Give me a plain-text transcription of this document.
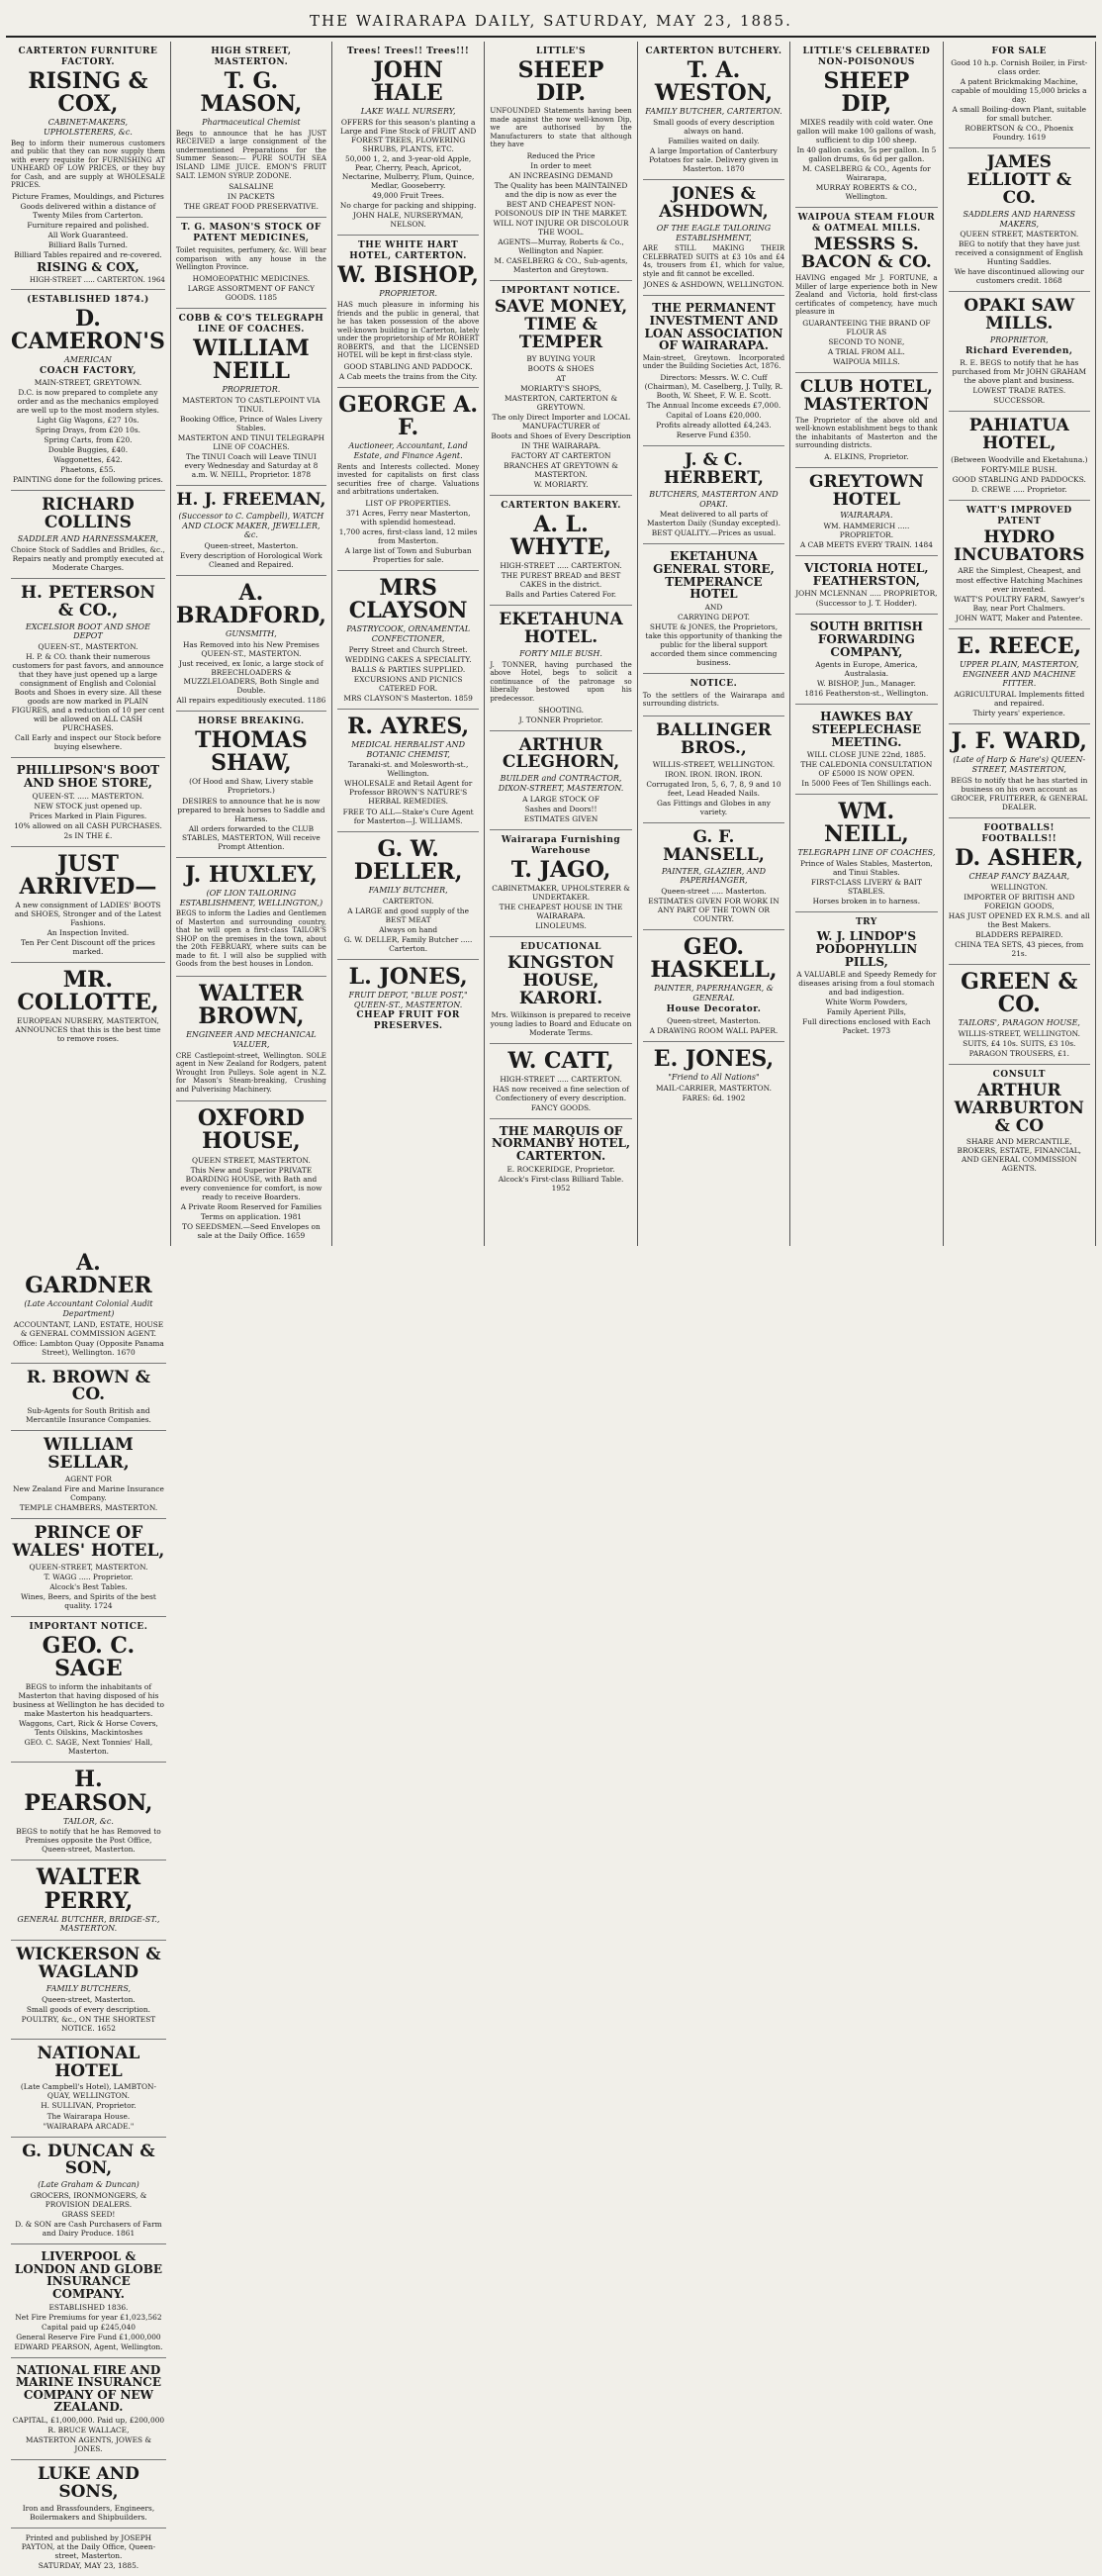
THE WAIRARAPA DAILY, SATURDAY, MAY 23, 1885.
CARTERTON FURNITURE FACTORY.
RISING & COX,
CABINET-MAKERS, UPHOLSTERERS, &c.
Beg to inform their numerous customers and public that they can now supply them with every requisite for FURNISHING AT UNHEARD OF LOW PRICES, or they buy for Cash, and are supply at WHOLESALE PRICES.
Picture Frames, Mouldings, and Pictures
Goods delivered within a distance of Twenty Miles from Carterton.
Furniture repaired and polished.
All Work Guaranteed.
Billiard Balls Turned.
Billiard Tables repaired and re-covered.
RISING & COX,
HIGH-STREET ..... CARTERTON. 1964
(ESTABLISHED 1874.)
D. CAMERON'S
AMERICAN
COACH FACTORY,
MAIN-STREET, GREYTOWN.
D.C. is now prepared to complete any order and as the mechanics employed are well up to the most modern styles.
Light Gig Wagons, £27 10s.
Spring Drays, from £20 10s.
Spring Carts, from £20.
Double Buggies, £40.
Waggonettes, £42.
Phaetons, £55.
PAINTING done for the following prices.
RICHARD COLLINS
SADDLER AND HARNESSMAKER,
Choice Stock of Saddles and Bridles, &c., Repairs neatly and promptly executed at Moderate Charges.
H. PETERSON & CO.,
EXCELSIOR BOOT AND SHOE DEPOT
QUEEN-ST., MASTERTON.
H. P. & CO. thank their numerous customers for past favors, and announce that they have just opened up a large consignment of English and Colonial Boots and Shoes in every size. All these goods are now marked in PLAIN FIGURES, and a reduction of 10 per cent will be allowed on ALL CASH PURCHASES.
Call Early and inspect our Stock before buying elsewhere.
PHILLIPSON'S BOOT AND SHOE STORE,
QUEEN-ST. ..... MASTERTON.
NEW STOCK just opened up.
Prices Marked in Plain Figures.
10% allowed on all CASH PURCHASES.
2s IN THE £.
JUST ARRIVED—
A new consignment of LADIES' BOOTS and SHOES, Stronger and of the Latest Fashions.
An Inspection Invited.
Ten Per Cent Discount off the prices marked.
MR. COLLOTTE,
EUROPEAN NURSERY, MASTERTON, ANNOUNCES that this is the best time to remove roses.
HIGH STREET, MASTERTON.
T. G. MASON,
Pharmaceutical Chemist
Begs to announce that he has JUST RECEIVED a large consignment of the undermentioned Preparations for the Summer Season:— PURE SOUTH SEA ISLAND LIME JUICE. EMON'S FRUIT SALT. LEMON SYRUP. ZODONE.
SALSALINE
IN PACKETS
THE GREAT FOOD PRESERVATIVE.
T. G. MASON'S STOCK OF PATENT MEDICINES,
Toilet requisites, perfumery, &c. Will bear comparison with any house in the Wellington Province.
HOMOEOPATHIC MEDICINES.
LARGE ASSORTMENT OF FANCY GOODS. 1185
COBB & CO'S TELEGRAPH LINE OF COACHES.
WILLIAM NEILL
PROPRIETOR.
MASTERTON TO CASTLEPOINT VIA TINUI.
Booking Office, Prince of Wales Livery Stables.
MASTERTON AND TINUI TELEGRAPH LINE OF COACHES.
The TINUI Coach will Leave TINUI every Wednesday and Saturday at 8 a.m. W. NEILL, Proprietor. 1878
H. J. FREEMAN,
(Successor to C. Campbell), WATCH AND CLOCK MAKER, JEWELLER, &c.
Queen-street, Masterton.
Every description of Horological Work Cleaned and Repaired.
A. BRADFORD,
GUNSMITH,
Has Removed into his New Premises QUEEN-ST., MASTERTON.
Just received, ex Ionic, a large stock of BREECHLOADERS & MUZZLELOADERS, Both Single and Double.
All repairs expeditiously executed. 1186
HORSE BREAKING.
THOMAS SHAW,
(Of Hood and Shaw, Livery stable Proprietors.)
DESIRES to announce that he is now prepared to break horses to Saddle and Harness.
All orders forwarded to the CLUB STABLES, MASTERTON, Will receive Prompt Attention.
J. HUXLEY,
(OF LION TAILORING ESTABLISHMENT, WELLINGTON,)
BEGS to inform the Ladies and Gentlemen of Masterton and surrounding country, that he will open a first-class TAILOR'S SHOP on the premises in the town, about the 20th FEBRUARY, where suits can be made to fit. I will also be supplied with Goods from the best houses in London.
WALTER BROWN,
ENGINEER AND MECHANICAL VALUER,
CRE Castlepoint-street, Wellington. SOLE agent in New Zealand for Rodgers, patent Wrought Iron Pulleys. Sole agent in N.Z. for Mason's Steam-breaking, Crushing and Pulverising Machinery.
OXFORD HOUSE,
QUEEN STREET, MASTERTON.
This New and Superior PRIVATE BOARDING HOUSE, with Bath and every convenience for comfort, is now ready to receive Boarders.
A Private Room Reserved for Families
Terms on application. 1981
TO SEEDSMEN.—Seed Envelopes on sale at the Daily Office. 1659
Trees! Trees!! Trees!!!
JOHN HALE
LAKE WALL NURSERY,
OFFERS for this season's planting a Large and Fine Stock of FRUIT AND FOREST TREES, FLOWERING SHRUBS, PLANTS, ETC.
50,000 1, 2, and 3-year-old Apple, Pear, Cherry, Peach, Apricot, Nectarine, Mulberry, Plum, Quince, Medlar, Gooseberry.
49,000 Fruit Trees.
No charge for packing and shipping.
JOHN HALE, NURSERYMAN, NELSON.
THE WHITE HART HOTEL, CARTERTON.
W. BISHOP,
PROPRIETOR.
HAS much pleasure in informing his friends and the public in general, that he has taken possession of the above well-known building in Carterton, lately under the proprietorship of Mr ROBERT ROBERTS, and that the LICENSED HOTEL will be kept in first-class style.
GOOD STABLING AND PADDOCK.
A Cab meets the trains from the City.
GEORGE A. F.
Auctioneer, Accountant, Land Estate, and Finance Agent.
Rents and Interests collected. Money invested for capitalists on first class securities free of charge. Valuations and arbitrations undertaken.
LIST OF PROPERTIES.
371 Acres, Ferry near Masterton, with splendid homestead.
1,700 acres, first-class land, 12 miles from Masterton.
A large list of Town and Suburban Properties for sale.
MRS CLAYSON
PASTRYCOOK, ORNAMENTAL CONFECTIONER,
Perry Street and Church Street.
WEDDING CAKES A SPECIALITY.
BALLS & PARTIES SUPPLIED.
EXCURSIONS AND PICNICS CATERED FOR.
MRS CLAYSON'S Masterton. 1859
R. AYRES,
MEDICAL HERBALIST AND BOTANIC CHEMIST,
Taranaki-st. and Molesworth-st., Wellington.
WHOLESALE and Retail Agent for Professor BROWN'S NATURE'S HERBAL REMEDIES.
FREE TO ALL—Stake's Cure Agent for Masterton—J. WILLIAMS.
G. W. DELLER,
FAMILY BUTCHER,
CARTERTON.
A LARGE and good supply of the BEST MEAT
Always on hand
G. W. DELLER, Family Butcher ..... Carterton.
L. JONES,
FRUIT DEPOT, "BLUE POST," QUEEN-ST., MASTERTON.
CHEAP FRUIT FOR PRESERVES.
LITTLE'S
SHEEP DIP.
UNFOUNDED Statements having been made against the now well-known Dip, we are authorised by the Manufacturers to state that although they have
Reduced the Price
In order to meet
AN INCREASING DEMAND
The Quality has been MAINTAINED and the dip is now as ever the
BEST AND CHEAPEST NON-POISONOUS DIP IN THE MARKET.
WILL NOT INJURE OR DISCOLOUR THE WOOL.
AGENTS—Murray, Roberts & Co., Wellington and Napier.
M. CASELBERG & CO., Sub-agents, Masterton and Greytown.
IMPORTANT NOTICE.
SAVE MONEY, TIME & TEMPER
BY BUYING YOUR
BOOTS & SHOES
AT
MORIARTY'S SHOPS,
MASTERTON, CARTERTON & GREYTOWN.
The only Direct Importer and LOCAL MANUFACTURER of
Boots and Shoes of Every Description
IN THE WAIRARAPA.
FACTORY AT CARTERTON
BRANCHES AT GREYTOWN & MASTERTON.
W. MORIARTY.
CARTERTON BAKERY.
A. L. WHYTE,
HIGH-STREET ..... CARTERTON.
THE PUREST BREAD and BEST CAKES in the district.
Balls and Parties Catered For.
EKETAHUNA HOTEL.
FORTY MILE BUSH.
J. TONNER, having purchased the above Hotel, begs to solicit a continuance of the patronage so liberally bestowed upon his predecessor.
SHOOTING.
J. TONNER Proprietor.
ARTHUR CLEGHORN,
BUILDER and CONTRACTOR, DIXON-STREET, MASTERTON.
A LARGE STOCK OF
Sashes and Doors!!
ESTIMATES GIVEN
Wairarapa Furnishing Warehouse
T. JAGO,
CABINETMAKER, UPHOLSTERER & UNDERTAKER.
THE CHEAPEST HOUSE IN THE WAIRARAPA.
LINOLEUMS.
EDUCATIONAL
KINGSTON HOUSE, KARORI.
Mrs. Wilkinson is prepared to receive young ladies to Board and Educate on Moderate Terms.
W. CATT,
HIGH-STREET ..... CARTERTON.
HAS now received a fine selection of Confectionery of every description.
FANCY GOODS.
THE MARQUIS OF NORMANBY HOTEL, CARTERTON.
E. ROCKERIDGE, Proprietor.
Alcock's First-class Billiard Table. 1952
CARTERTON BUTCHERY.
T. A. WESTON,
FAMILY BUTCHER, CARTERTON.
Small goods of every description always on hand.
Families waited on daily.
A large Importation of Canterbury Potatoes for sale. Delivery given in Masterton. 1870
JONES & ASHDOWN,
OF THE EAGLE TAILORING ESTABLISHMENT,
ARE STILL MAKING THEIR CELEBRATED SUITS at £3 10s and £4 4s, trousers from £1, which for value, style and fit cannot be excelled.
JONES & ASHDOWN, WELLINGTON.
THE PERMANENT INVESTMENT AND LOAN ASSOCIATION OF WAIRARAPA.
Main-street, Greytown. Incorporated under the Building Societies Act, 1876.
Directors: Messrs. W. C. Cuff (Chairman), M. Caselberg, J. Tully, R. Booth, W. Sheet, F. W. E. Scott.
The Annual Income exceeds £7,000.
Capital of Loans £20,000.
Profits already allotted £4,243.
Reserve Fund £350.
J. & C. HERBERT,
BUTCHERS, MASTERTON AND OPAKI.
Meat delivered to all parts of Masterton Daily (Sunday excepted).
BEST QUALITY.—Prices as usual.
EKETAHUNA GENERAL STORE, TEMPERANCE HOTEL
AND
CARRYING DEPOT.
SHUTE & JONES, the Proprietors, take this opportunity of thanking the public for the liberal support accorded them since commencing business.
NOTICE.
To the settlers of the Wairarapa and surrounding districts.
BALLINGER BROS.,
WILLIS-STREET, WELLINGTON.
IRON. IRON. IRON. IRON.
Corrugated Iron, 5, 6, 7, 8, 9 and 10 feet, Lead Headed Nails.
Gas Fittings and Globes in any variety.
G. F. MANSELL,
PAINTER, GLAZIER, AND PAPERHANGER,
Queen-street ..... Masterton.
ESTIMATES GIVEN FOR WORK IN ANY PART OF THE TOWN OR COUNTRY.
GEO. HASKELL,
PAINTER, PAPERHANGER, & GENERAL
House Decorator.
Queen-street, Masterton.
A DRAWING ROOM WALL PAPER.
E. JONES,
"Friend to All Nations"
MAIL-CARRIER, MASTERTON.
FARES: 6d. 1902
LITTLE'S CELEBRATED NON-POISONOUS
SHEEP DIP,
MIXES readily with cold water. One gallon will make 100 gallons of wash, sufficient to dip 100 sheep.
In 40 gallon casks, 5s per gallon. In 5 gallon drums, 6s 6d per gallon.
M. CASELBERG & CO., Agents for Wairarapa,
MURRAY ROBERTS & CO., Wellington.
WAIPOUA STEAM FLOUR & OATMEAL MILLS.
MESSRS S. BACON & CO.
HAVING engaged Mr J. FORTUNE, a Miller of large experience both in New Zealand and Victoria, hold first-class certificates of competency, have much pleasure in
GUARANTEEING THE BRAND OF FLOUR AS
SECOND TO NONE,
A TRIAL FROM ALL.
WAIPOUA MILLS.
CLUB HOTEL, MASTERTON
The Proprietor of the above old and well-known establishment begs to thank the inhabitants of Masterton and the surrounding districts.
A. ELKINS, Proprietor.
GREYTOWN HOTEL
WAIRARAPA.
WM. HAMMERICH ..... PROPRIETOR.
A CAB MEETS EVERY TRAIN. 1484
VICTORIA HOTEL, FEATHERSTON,
JOHN MCLENNAN ..... PROPRIETOR,
(Successor to J. T. Hodder).
SOUTH BRITISH FORWARDING COMPANY,
Agents in Europe, America, Australasia.
W. BISHOP, Jun., Manager.
1816 Featherston-st., Wellington.
HAWKES BAY STEEPLECHASE MEETING.
WILL CLOSE JUNE 22nd, 1885.
THE CALEDONIA CONSULTATION OF £5000 IS NOW OPEN.
In 5000 Fees of Ten Shillings each.
WM. NEILL,
TELEGRAPH LINE OF COACHES,
Prince of Wales Stables, Masterton, and Tinui Stables.
FIRST-CLASS LIVERY & BAIT STABLES.
Horses broken in to harness.
TRY
W. J. LINDOP'S PODOPHYLLIN PILLS,
A VALUABLE and Speedy Remedy for diseases arising from a foul stomach and bad indigestion.
White Worm Powders,
Family Aperient Pills,
Full directions enclosed with Each Packet. 1973
FOR SALE
Good 10 h.p. Cornish Boiler, in First-class order.
A patent Brickmaking Machine, capable of moulding 15,000 bricks a day.
A small Boiling-down Plant, suitable for small butcher.
ROBERTSON & CO., Phoenix Foundry. 1619
JAMES ELLIOTT & CO.
SADDLERS AND HARNESS MAKERS,
QUEEN STREET, MASTERTON.
BEG to notify that they have just received a consignment of English Hunting Saddles.
We have discontinued allowing our customers credit. 1868
OPAKI SAW MILLS.
PROPRIETOR,
Richard Everenden,
R. E. BEGS to notify that he has purchased from Mr JOHN GRAHAM the above plant and business.
LOWEST TRADE RATES.
SUCCESSOR.
PAHIATUA HOTEL,
(Between Woodville and Eketahuna.)
FORTY-MILE BUSH.
GOOD STABLING AND PADDOCKS.
D. CREWE ..... Proprietor.
WATT'S IMPROVED PATENT
HYDRO INCUBATORS
ARE the Simplest, Cheapest, and most effective Hatching Machines ever invented.
WATT'S POULTRY FARM, Sawyer's Bay, near Port Chalmers.
JOHN WATT, Maker and Patentee.
E. REECE,
UPPER PLAIN, MASTERTON, ENGINEER AND MACHINE FITTER.
AGRICULTURAL Implements fitted and repaired.
Thirty years' experience.
J. F. WARD,
(Late of Harp & Hare's) QUEEN-STREET, MASTERTON,
BEGS to notify that he has started in business on his own account as GROCER, FRUITERER, & GENERAL DEALER.
FOOTBALLS! FOOTBALLS!!
D. ASHER,
CHEAP FANCY BAZAAR,
WELLINGTON.
IMPORTER OF BRITISH AND FOREIGN GOODS,
HAS JUST OPENED EX R.M.S. and all the Best Makers.
BLADDERS REPAIRED.
CHINA TEA SETS, 43 pieces, from 21s.
GREEN & CO.
TAILORS', PARAGON HOUSE,
WILLIS-STREET, WELLINGTON.
SUITS, £4 10s. SUITS, £3 10s.
PARAGON TROUSERS, £1.
CONSULT
ARTHUR WARBURTON & CO
SHARE AND MERCANTILE, BROKERS, ESTATE, FINANCIAL, AND GENERAL COMMISSION AGENTS.
A. GARDNER
(Late Accountant Colonial Audit Department)
ACCOUNTANT, LAND, ESTATE, HOUSE & GENERAL COMMISSION AGENT.
Office: Lambton Quay (Opposite Panama Street), Wellington. 1670
R. BROWN & CO.
Sub-Agents for South British and Mercantile Insurance Companies.
WILLIAM SELLAR,
AGENT FOR
New Zealand Fire and Marine Insurance Company.
TEMPLE CHAMBERS, MASTERTON.
PRINCE OF WALES' HOTEL,
QUEEN-STREET, MASTERTON.
T. WAGG ..... Proprietor.
Alcock's Best Tables.
Wines, Beers, and Spirits of the best quality. 1724
IMPORTANT NOTICE.
GEO. C. SAGE
BEGS to inform the inhabitants of Masterton that having disposed of his business at Wellington he has decided to make Masterton his headquarters.
Waggons, Cart, Rick & Horse Covers, Tents Oilskins, Mackintoshes
GEO. C. SAGE, Next Tonnies' Hall, Masterton.
H. PEARSON,
TAILOR, &c.
BEGS to notify that he has Removed to Premises opposite the Post Office, Queen-street, Masterton.
WALTER PERRY,
GENERAL BUTCHER, BRIDGE-ST., MASTERTON.
WICKERSON & WAGLAND
FAMILY BUTCHERS,
Queen-street, Masterton.
Small goods of every description.
POULTRY, &c., ON THE SHORTEST NOTICE. 1652
NATIONAL HOTEL
(Late Campbell's Hotel), LAMBTON-QUAY, WELLINGTON.
H. SULLIVAN, Proprietor.
The Wairarapa House.
"WAIRARAPA ARCADE."
G. DUNCAN & SON,
(Late Graham & Duncan)
GROCERS, IRONMONGERS, & PROVISION DEALERS.
GRASS SEED!
D. & SON are Cash Purchasers of Farm and Dairy Produce. 1861
LIVERPOOL & LONDON AND GLOBE INSURANCE COMPANY.
ESTABLISHED 1836.
Net Fire Premiums for year £1,023,562
Capital paid up £245,040
General Reserve Fire Fund £1,000,000
EDWARD PEARSON, Agent, Wellington.
NATIONAL FIRE AND MARINE INSURANCE COMPANY OF NEW ZEALAND.
CAPITAL, £1,000,000. Paid up, £200,000
R. BRUCE WALLACE,
MASTERTON AGENTS, JOWES & JONES.
LUKE AND SONS,
Iron and Brassfounders, Engineers, Boilermakers and Shipbuilders.
Printed and published by JOSEPH PAYTON, at the Daily Office, Queen-street, Masterton.
SATURDAY, MAY 23, 1885.
